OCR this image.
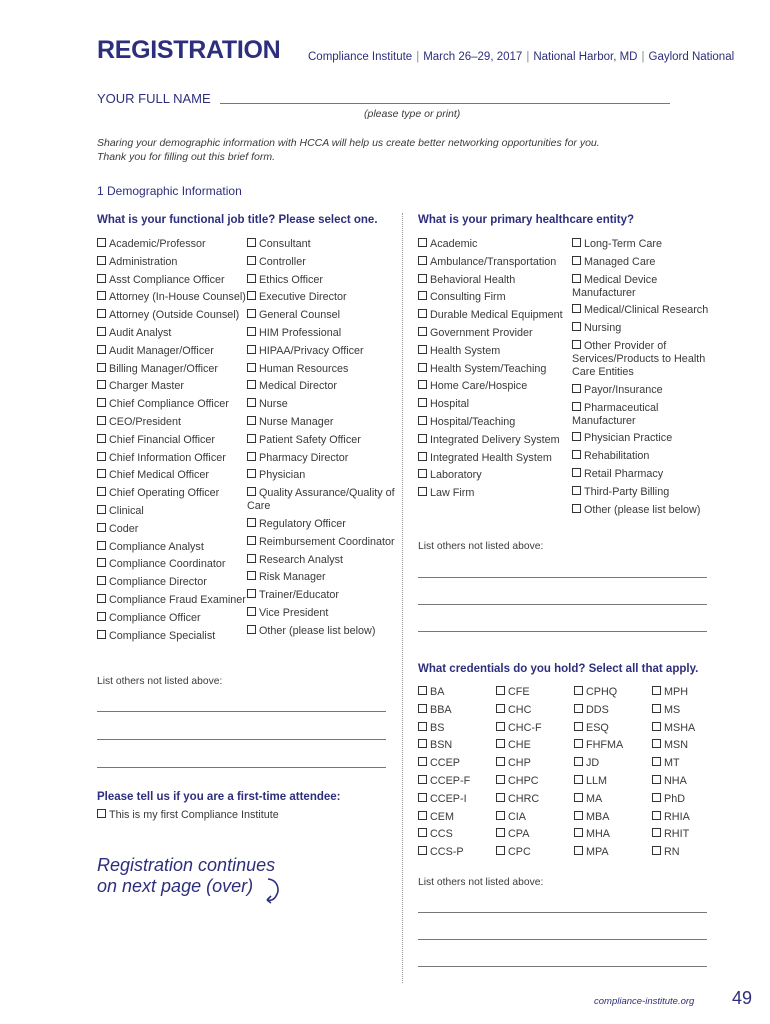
REGISTRATION Compliance Institute | March 26–29, 2017 | National Harbor, MD | Gaylord National
YOUR FULL NAME
(please type or print)
Sharing your demographic information with HCCA will help us create better networking opportunities for you.
Thank you for filling out this brief form.
1 Demographic Information
What is your functional job title? Please select one.
Academic/Professor
Administration
Asst Compliance Officer
Attorney (In-House Counsel)
Attorney (Outside Counsel)
Audit Analyst
Audit Manager/Officer
Billing Manager/Officer
Charger Master
Chief Compliance Officer
CEO/President
Chief Financial Officer
Chief Information Officer
Chief Medical Officer
Chief Operating Officer
Clinical
Coder
Compliance Analyst
Compliance Coordinator
Compliance Director
Compliance Fraud Examiner
Compliance Officer
Compliance Specialist
Consultant
Controller
Ethics Officer
Executive Director
General Counsel
HIM Professional
HIPAA/Privacy Officer
Human Resources
Medical Director
Nurse
Nurse Manager
Patient Safety Officer
Pharmacy Director
Physician
Quality Assurance/Quality of Care
Regulatory Officer
Reimbursement Coordinator
Research Analyst
Risk Manager
Trainer/Educator
Vice President
Other (please list below)
List others not listed above:
Please tell us if you are a first-time attendee:
This is my first Compliance Institute
Registration continues
on next page (over)
What is your primary healthcare entity?
Academic
Ambulance/Transportation
Behavioral Health
Consulting Firm
Durable Medical Equipment
Government Provider
Health System
Health System/Teaching
Home Care/Hospice
Hospital
Hospital/Teaching
Integrated Delivery System
Integrated Health System
Laboratory
Law Firm
Long-Term Care
Managed Care
Medical Device Manufacturer
Medical/Clinical Research
Nursing
Other Provider of Services/Products to Health Care Entities
Payor/Insurance
Pharmaceutical Manufacturer
Physician Practice
Rehabilitation
Retail Pharmacy
Third-Party Billing
Other (please list below)
List others not listed above:
What credentials do you hold? Select all that apply.
BA
BBA
BS
BSN
CCEP
CCEP-F
CCEP-I
CEM
CCS
CCS-P
CFE
CHC
CHC-F
CHE
CHP
CHPC
CHRC
CIA
CPA
CPC
CPHQ
DDS
ESQ
FHFMA
JD
LLM
MA
MBA
MHA
MPA
MPH
MS
MSHA
MSN
MT
NHA
PhD
RHIA
RHIT
RN
List others not listed above:
compliance-institute.org 49
